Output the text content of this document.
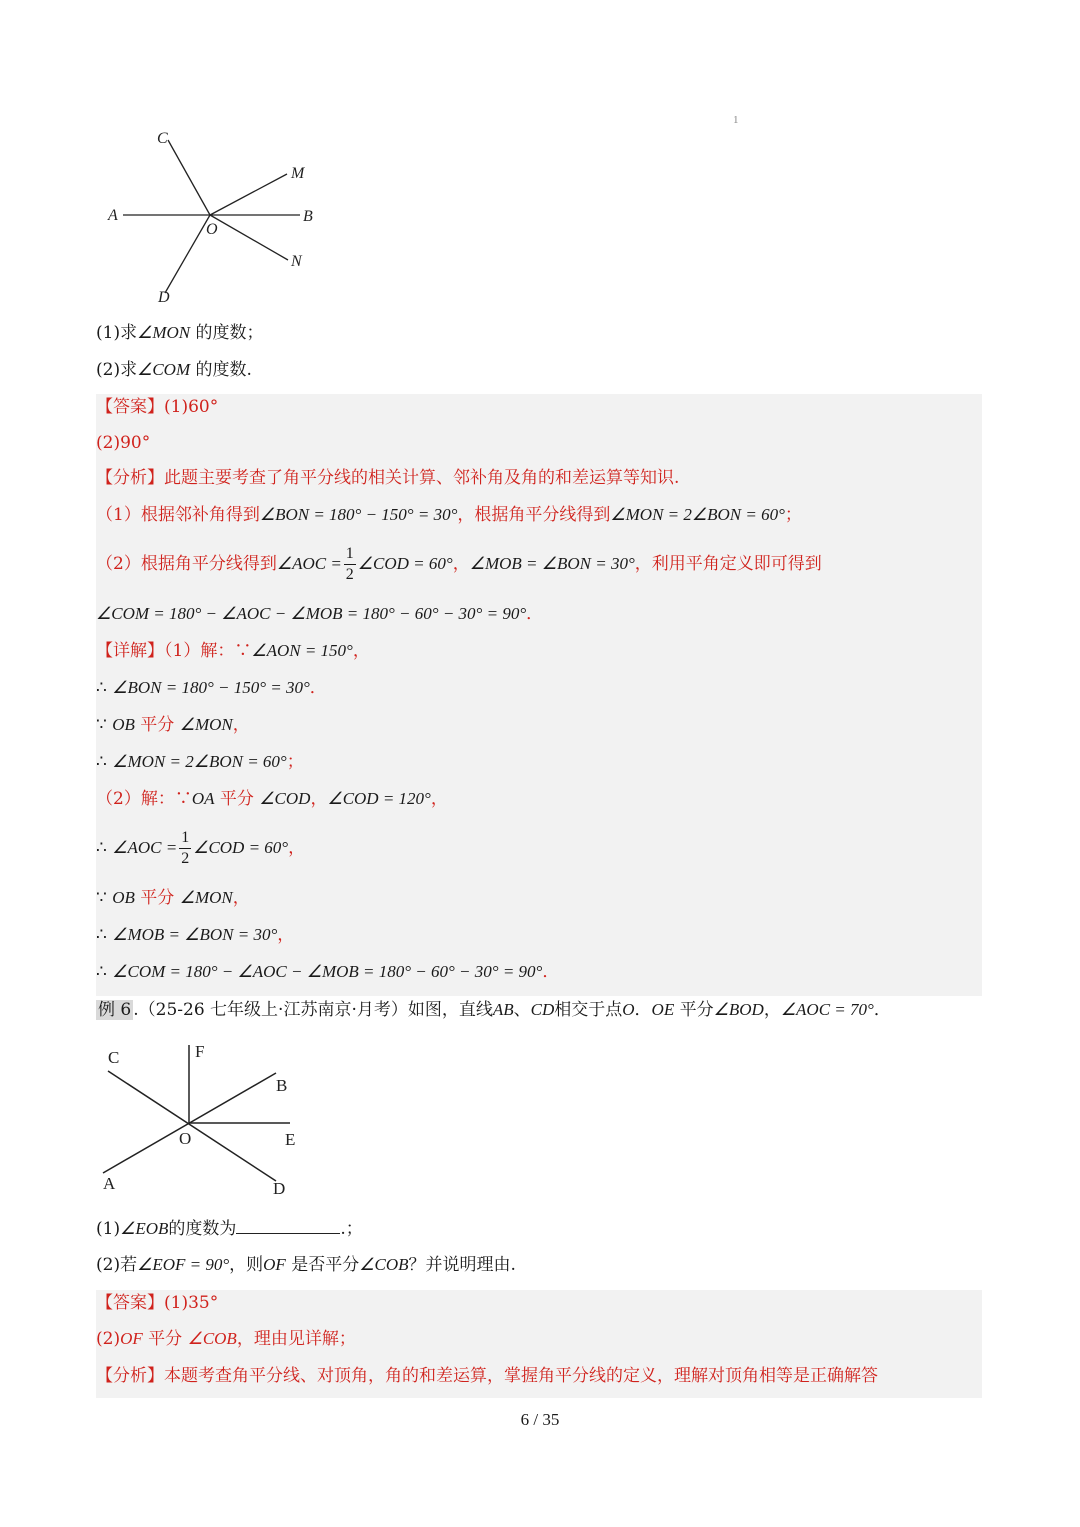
1
C
M
A
O
B
N
D
(1)求∠MON 的度数；
(2)求∠COM 的度数.
【答案】(1)60°
(2)90°
【分析】此题主要考查了角平分线的相关计算、邻补角及角的和差运算等知识.
（1）根据邻补角得到∠BON = 180° − 150° = 30°，根据角平分线得到∠MON = 2∠BON = 60°；
（2）根据角平分线得到∠AOC = $\frac{1}{2}$ ∠COD = 60°，∠MOB = ∠BON = 30°，利用平角定义即可得到
∠COM = 180° − ∠AOC − ∠MOB = 180° − 60° − 30° = 90°．
【详解】（1）解：∵∠AON = 150°，
∴ ∠BON = 180° − 150° = 30°．
∵ OB 平分 ∠MON，
∴ ∠MON = 2∠BON = 60°；
（2）解：∵OA 平分 ∠COD，∠COD = 120°，
∴ ∠AOC = $\frac{1}{2}$ ∠COD = 60°，
∵ OB 平分 ∠MON，
∴ ∠MOB = ∠BON = 30°，
∴ ∠COM = 180° − ∠AOC − ∠MOB = 180° − 60° − 30° = 90°．
例 6 .（25-26 七年级上·江苏南京·月考）如图，直线AB、CD相交于点O．OE 平分∠BOD，∠AOC = 70°．
C	F
B
O	E
A	D
(1)∠EOB的度数为	.；
(2)若∠EOF = 90°，则OF 是否平分∠COB？并说明理由.
【答案】(1)35°
(2)OF 平分 ∠COB，理由见详解；
【分析】本题考查角平分线、对顶角，角的和差运算，掌握角平分线的定义，理解对顶角相等是正确解答
6 / 35
